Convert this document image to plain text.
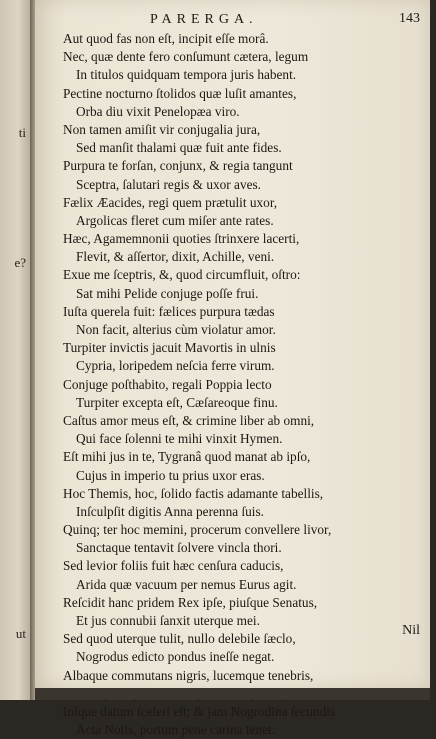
ti
e?
ut
PARERGA.	143
Aut quod fas non eſt, incipit eſſe morâ.
Nec, quæ dente fero conſumunt cætera, legum
In titulos quidquam tempora juris habent.
Pectine nocturno ſtolidos quæ luſit amantes,
Orba diu vixit Penelopæa viro.
Non tamen amiſit vir conjugalia jura,
Sed manſit thalami quæ fuit ante fides.
Purpura te forſan, conjunx, & regia tangunt
Sceptra, ſalutari regis & uxor aves.
Fælix Æacides, regi quem prætulit uxor,
Argolicas fleret cum miſer ante rates.
Hæc, Agamemnonii quoties ſtrinxere lacerti,
Flevit, & aſſertor, dixit, Achille, veni.
Exue me ſceptris, &, quod circumfluit, oſtro:
Sat mihi Pelide conjuge poſſe frui.
Iuſta querela fuit: fælices purpura tædas
Non facit, alterius cùm violatur amor.
Turpiter invictis jacuit Mavortis in ulnis
Cypria, loripedem neſcia ferre virum.
Conjuge poſthabito, regali Poppia lecto
Turpiter excepta eſt, Cæſareoque finu.
Caſtus amor meus eſt, & crimine liber ab omni,
Qui face ſolenni te mihi vinxit Hymen.
Eſt mihi jus in te, Tygranâ quod manat ab ipſo,
Cujus in imperio tu prius uxor eras.
Hoc Themis, hoc, ſolido factis adamante tabellis,
Inſculpſit digitis Anna perenna ſuis.
Quinq; ter hoc memini, procerum convellere livor,
Sanctaque tentavit ſolvere vincla thori.
Sed levior foliis fuit hæc cenſura caducis,
Arida quæ vacuum per nemus Eurus agit.
Reſcidit hanc pridem Rex ipſe, piuſque Senatus,
Et jus connubii ſanxit uterque mei.
Sed quod uterque tulit, nullo delebile ſæclo,
Nogrodus edicto pondus ineſſe negat.
Albaque commutans nigris, lucemque tenebris,
Inſque datum ſceleri eſt; & jam Nogrodina ſecundis
Acta Notis, portum pene carina tenet.
Nil
